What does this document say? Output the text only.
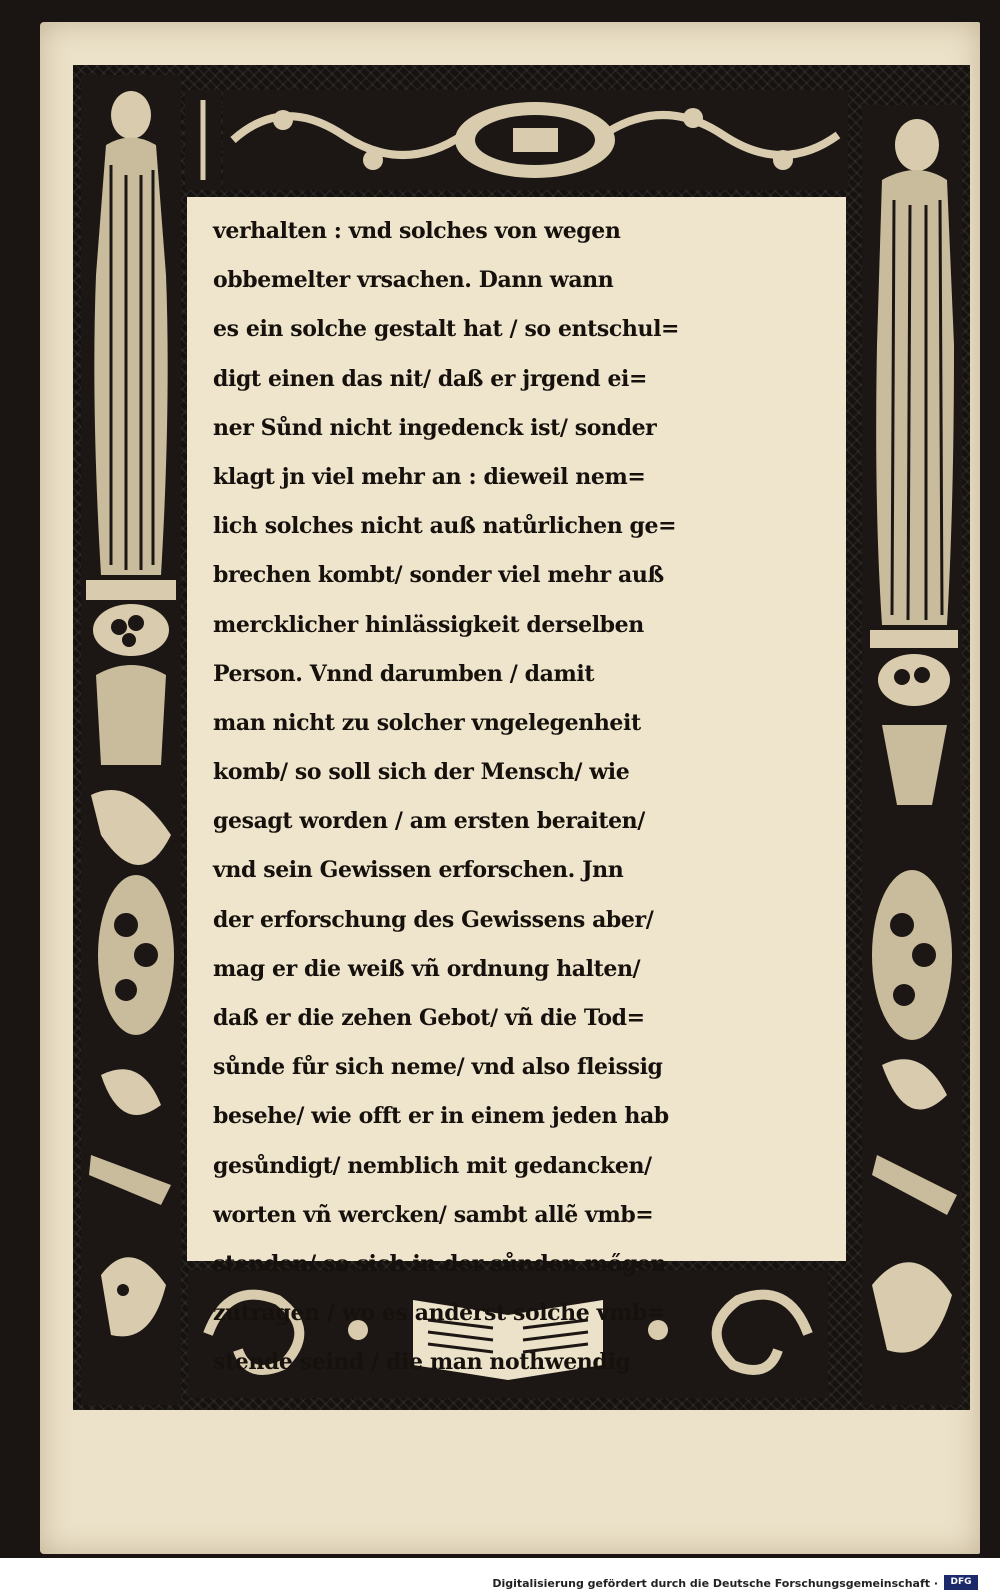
verhalten : vnd solches von wegen
obbemelter vrsachen. Dann wann
es ein solche gestalt hat / so entschul=
digt einen das nit/ daß er jrgend ei=
ner Sůnd nicht ingedenck ist/ sonder
klagt jn viel mehr an : dieweil nem=
lich solches nicht auß natůrlichen ge=
brechen kombt/ sonder viel mehr auß
mercklicher hinlässigkeit derselben
Person. Vnnd darumben / damit
man nicht zu solcher vngelegenheit
komb/ so soll sich der Mensch/ wie
gesagt worden / am ersten beraiten/
vnd sein Gewissen erforschen. Jnn
der erforschung des Gewissens aber/
mag er die weiß vñ ordnung halten/
daß er die zehen Gebot/ vñ die Tod=
sůnde fůr sich neme/ vnd also fleissig
besehe/ wie offt er in einem jeden hab
gesůndigt/ nemblich mit gedancken/
worten vñ wercken/ sambt allẽ vmb=
stenden/ so sich in der sůnden mőgen
zutragen / wo es anderst solche vmb=
stende seind / die man nothwendig
Digitalisierung gefördert durch die Deutsche Forschungsgemeinschaft ·	DFG
